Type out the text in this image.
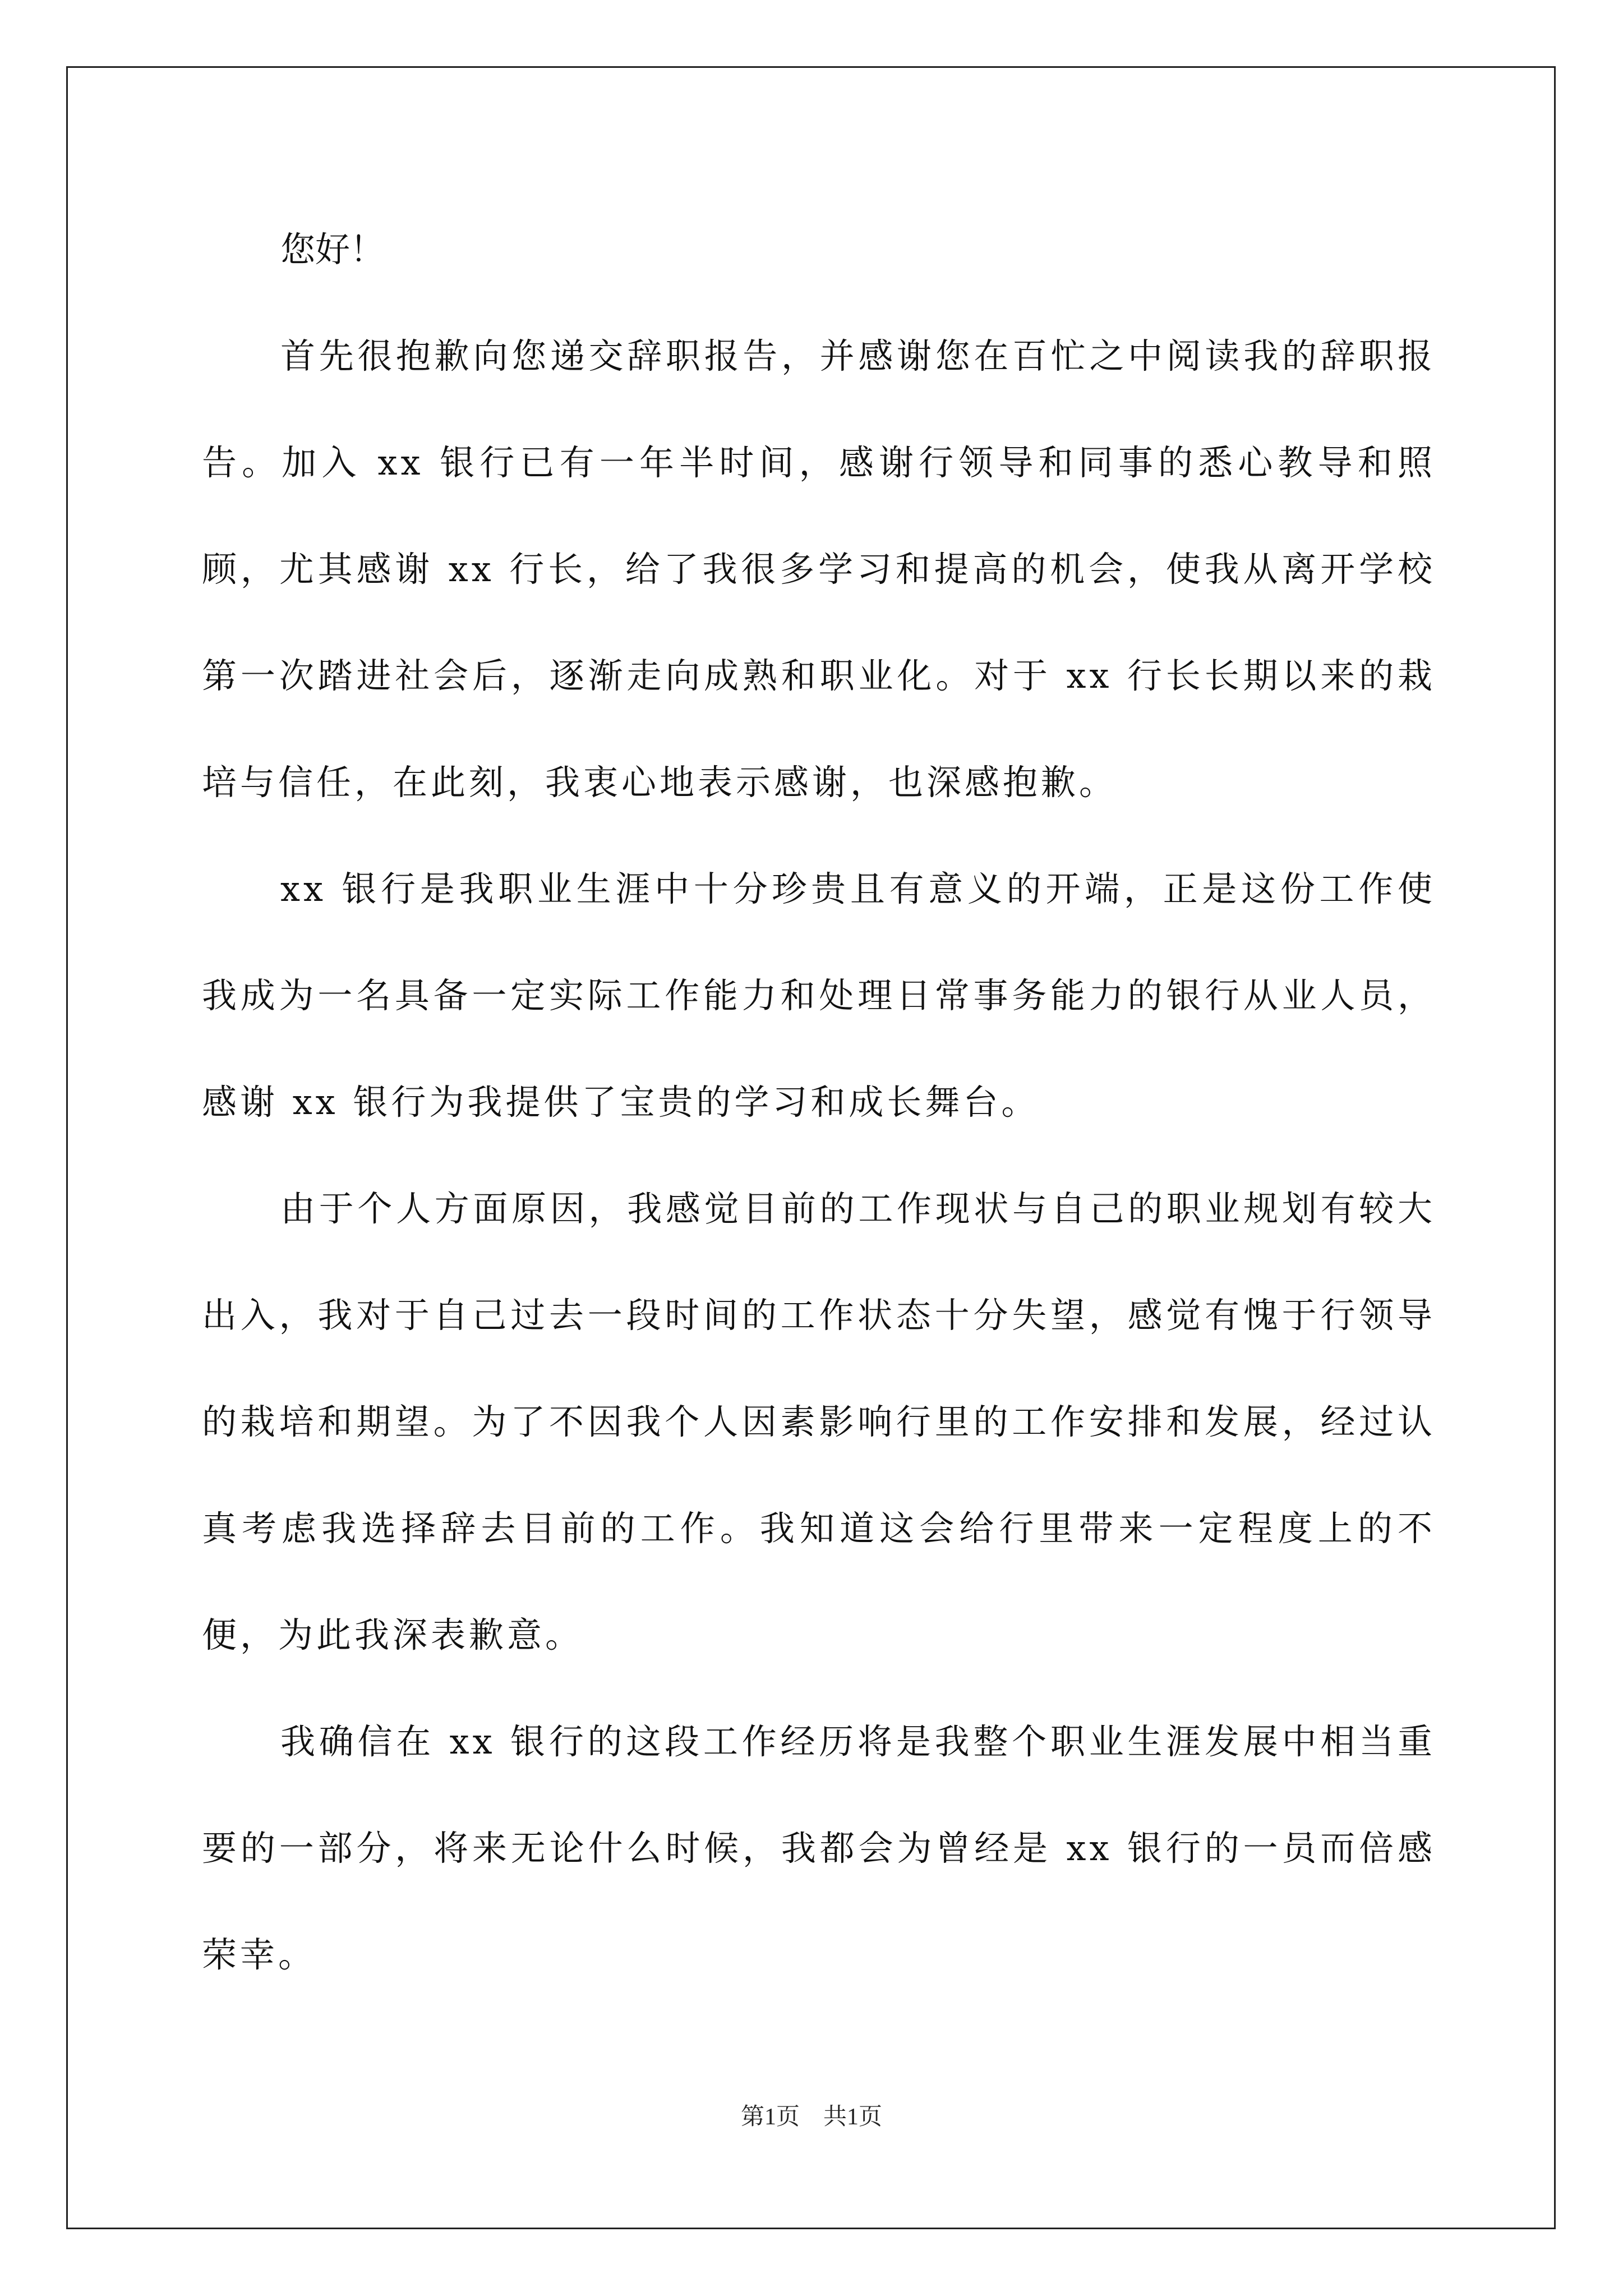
您好！

首先很抱歉向您递交辞职报告，并感谢您在百忙之中阅读我的辞职报告。加入 xx 银行已有一年半时间，感谢行领导和同事的悉心教导和照顾，尤其感谢 xx 行长，给了我很多学习和提高的机会，使我从离开学校第一次踏进社会后，逐渐走向成熟和职业化。对于 xx 行长长期以来的栽培与信任，在此刻，我衷心地表示感谢，也深感抱歉。

xx 银行是我职业生涯中十分珍贵且有意义的开端，正是这份工作使我成为一名具备一定实际工作能力和处理日常事务能力的银行从业人员，感谢 xx 银行为我提供了宝贵的学习和成长舞台。

由于个人方面原因，我感觉目前的工作现状与自己的职业规划有较大出入，我对于自己过去一段时间的工作状态十分失望，感觉有愧于行领导的栽培和期望。为了不因我个人因素影响行里的工作安排和发展，经过认真考虑我选择辞去目前的工作。我知道这会给行里带来一定程度上的不便，为此我深表歉意。

我确信在 xx 银行的这段工作经历将是我整个职业生涯发展中相当重要的一部分，将来无论什么时候，我都会为曾经是 xx 银行的一员而倍感荣幸。

第1页　共1页
